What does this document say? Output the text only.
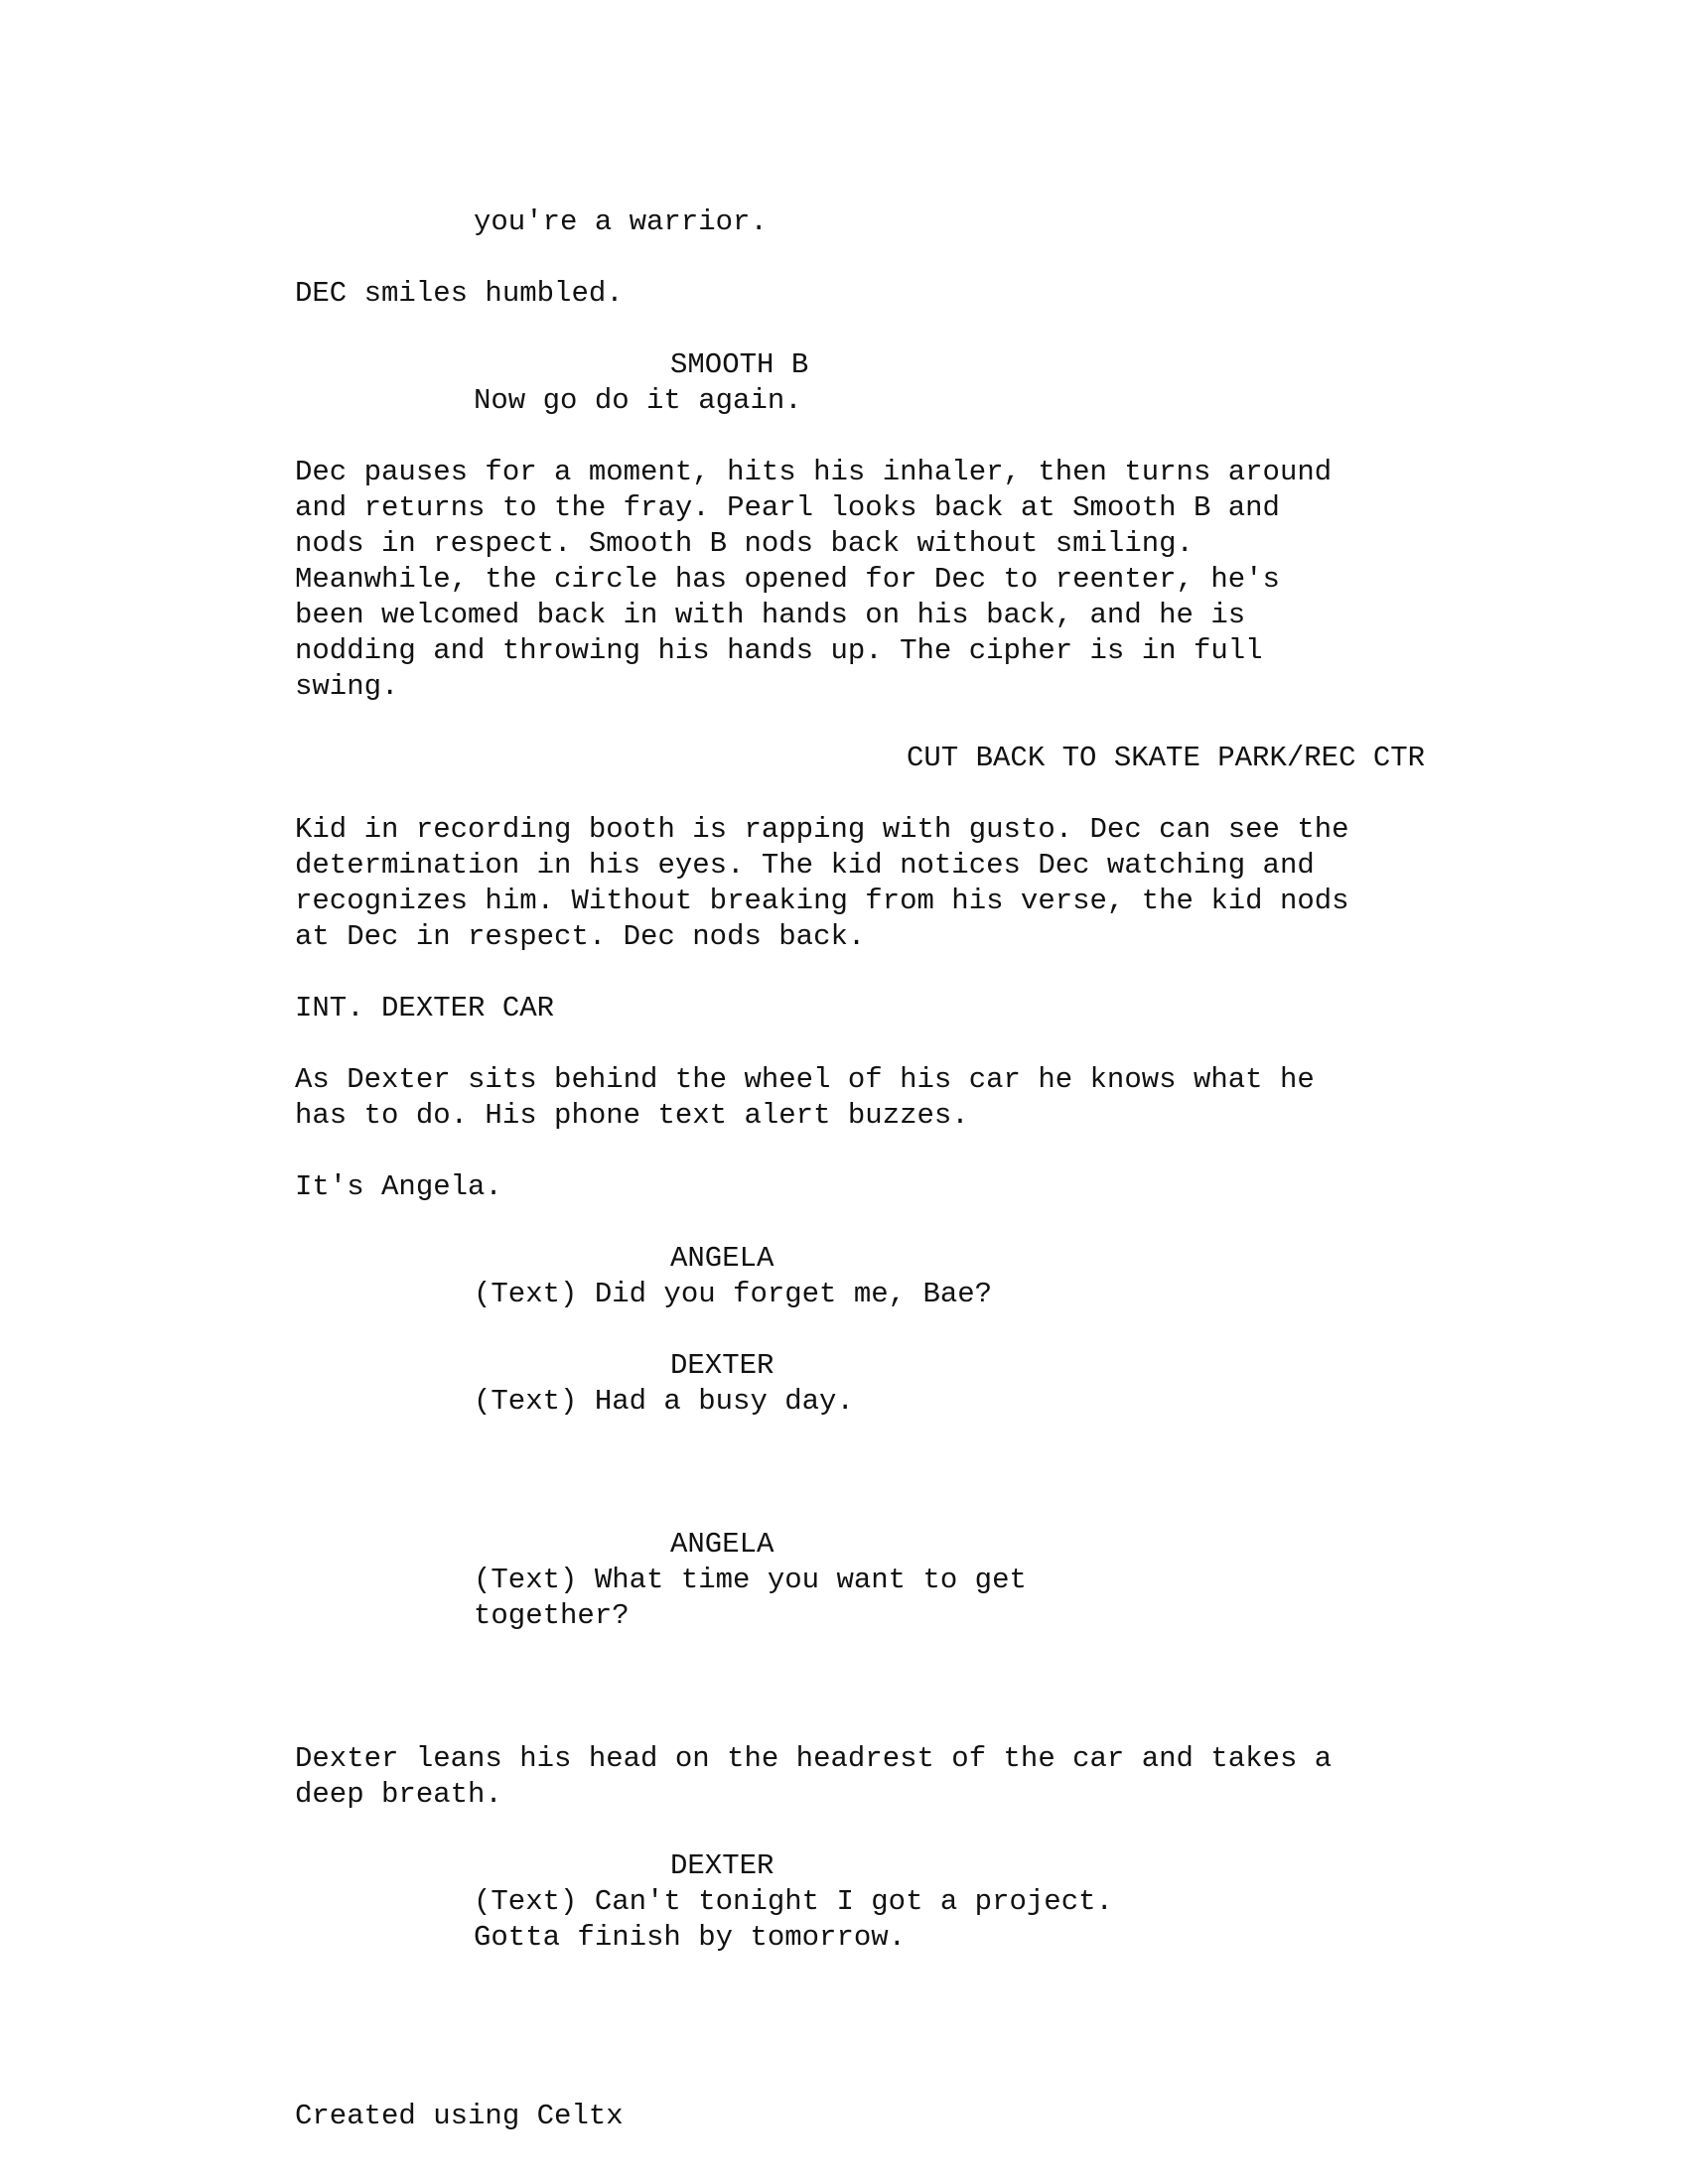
you're a warrior.
DEC smiles humbled.
SMOOTH B
Now go do it again.
Dec pauses for a moment, hits his inhaler, then turns around
and returns to the fray. Pearl looks back at Smooth B and
nods in respect. Smooth B nods back without smiling.
Meanwhile, the circle has opened for Dec to reenter, he's
been welcomed back in with hands on his back, and he is
nodding and throwing his hands up. The cipher is in full
swing.
CUT BACK TO SKATE PARK/REC CTR
Kid in recording booth is rapping with gusto. Dec can see the
determination in his eyes. The kid notices Dec watching and
recognizes him. Without breaking from his verse, the kid nods
at Dec in respect. Dec nods back.
INT. DEXTER CAR
As Dexter sits behind the wheel of his car he knows what he
has to do. His phone text alert buzzes.
It's Angela.
ANGELA
(Text) Did you forget me, Bae?
DEXTER
(Text) Had a busy day.
ANGELA
(Text) What time you want to get
together?
Dexter leans his head on the headrest of the car and takes a
deep breath.
DEXTER
(Text) Can't tonight I got a project.
Gotta finish by tomorrow.
Created using Celtx
